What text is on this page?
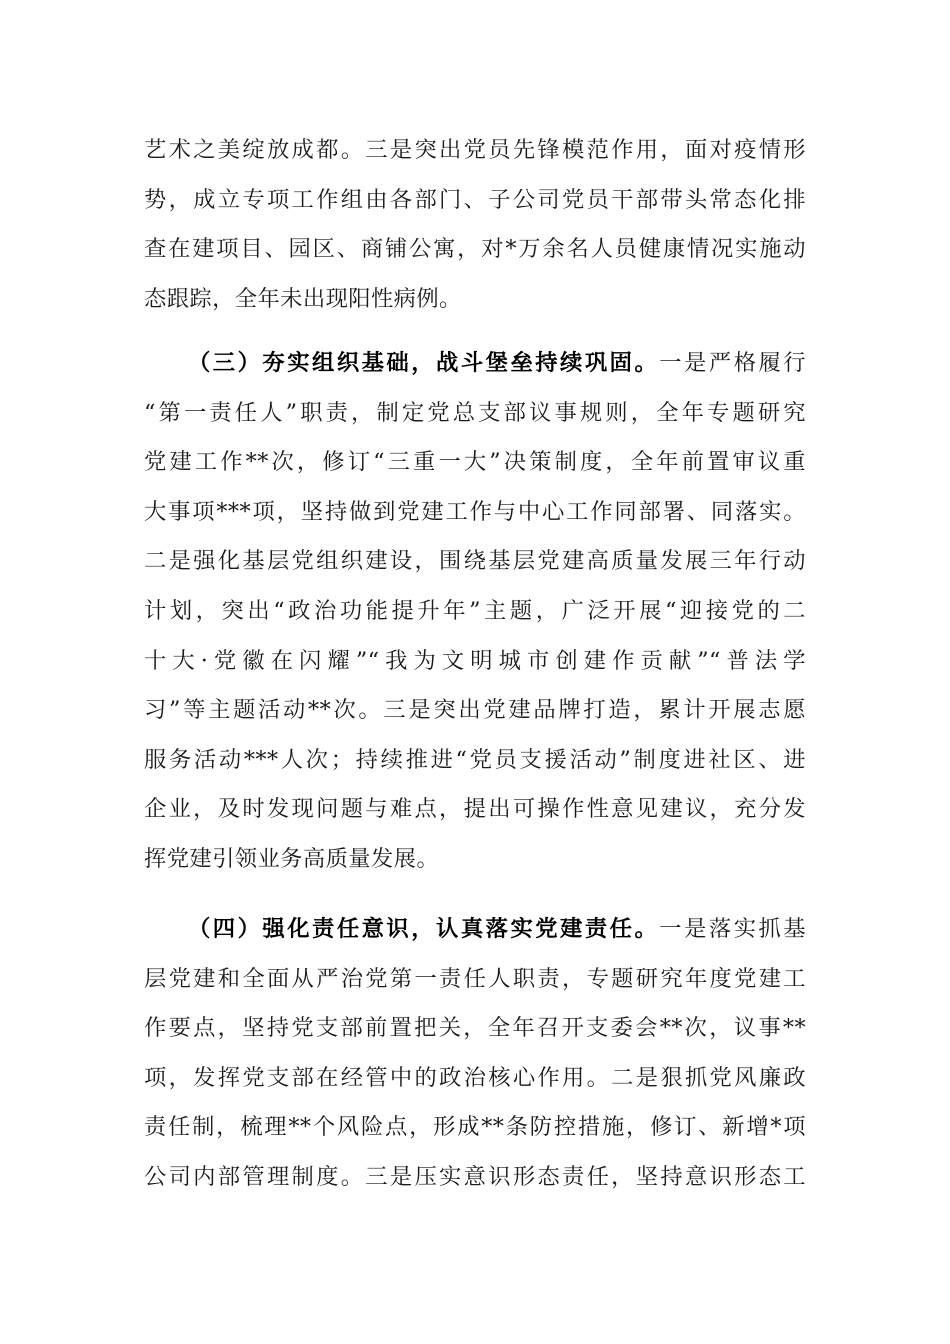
艺术之美绽放成都。三是突出党员先锋模范作用，面对疫情形
势，成立专项工作组由各部门、子公司党员干部带头常态化排
查在建项目、园区、商铺公寓，对*万余名人员健康情况实施动
态跟踪，全年未出现阳性病例。
（三）夯实组织基础，战斗堡垒持续巩固。一是严格履行
“第一责任人”职责，制定党总支部议事规则，全年专题研究
党建工作**次，修订“三重一大”决策制度，全年前置审议重
大事项***项，坚持做到党建工作与中心工作同部署、同落实。
二是强化基层党组织建设，围绕基层党建高质量发展三年行动
计划，突出“政治功能提升年”主题，广泛开展“迎接党的二
十大·党徽在闪耀”“我为文明城市创建作贡献”“普法学
习”等主题活动**次。三是突出党建品牌打造，累计开展志愿
服务活动***人次；持续推进“党员支援活动”制度进社区、进
企业，及时发现问题与难点，提出可操作性意见建议，充分发
挥党建引领业务高质量发展。
（四）强化责任意识，认真落实党建责任。一是落实抓基
层党建和全面从严治党第一责任人职责，专题研究年度党建工
作要点，坚持党支部前置把关，全年召开支委会**次，议事**
项，发挥党支部在经管中的政治核心作用。二是狠抓党风廉政
责任制，梳理**个风险点，形成**条防控措施，修订、新增*项
公司内部管理制度。三是压实意识形态责任，坚持意识形态工
